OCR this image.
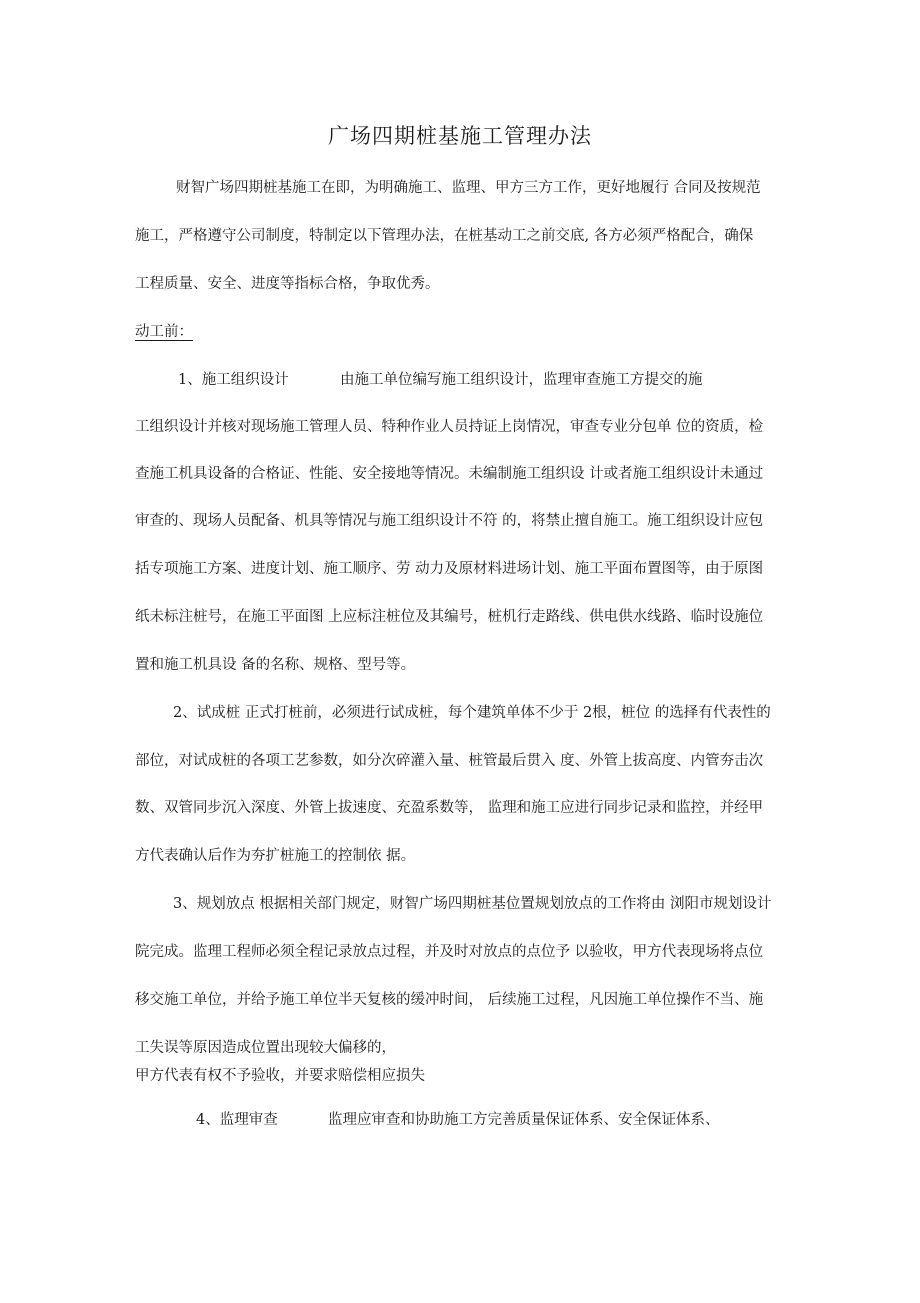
广场四期桩基施工管理办法
财智广场四期桩基施工在即，为明确施工、监理、甲方三方工作，更好地履行 合同及按规范
施工，严格遵守公司制度，特制定以下管理办法，在桩基动工之前交底, 各方必须严格配合，确保
工程质量、安全、进度等指标合格，争取优秀。
动工前：
1、施工组织设计	由施工单位编写施工组织设计，监理审查施工方提交的施
工组织设计并核对现场施工管理人员、特种作业人员持证上岗情况，审查专业分包单 位的资质，检
查施工机具设备的合格证、性能、安全接地等情况。未编制施工组织设 计或者施工组织设计未通过
审查的、现场人员配备、机具等情况与施工组织设计不符 的，将禁止擅自施工。施工组织设计应包
括专项施工方案、进度计划、施工顺序、劳 动力及原材料进场计划、施工平面布置图等，由于原图
纸未标注桩号，在施工平面图 上应标注桩位及其编号，桩机行走路线、供电供水线路、临时设施位
置和施工机具设 备的名称、规格、型号等。
2、试成桩 正式打桩前，必须进行试成桩，每个建筑单体不少于 2根，桩位 的选择有代表性的
部位，对试成桩的各项工艺参数，如分次碎灌入量、桩管最后贯入 度、外管上拔高度、内管夯击次
数、双管同步沉入深度、外管上拔速度、充盈系数等， 监理和施工应进行同步记录和监控，并经甲
方代表确认后作为夯扩桩施工的控制依 据。
3、规划放点 根据相关部门规定，财智广场四期桩基位置规划放点的工作将由 浏阳市规划设计
院完成。监理工程师必须全程记录放点过程，并及时对放点的点位予 以验收，甲方代表现场将点位
移交施工单位，并给予施工单位半天复核的缓冲时间， 后续施工过程，凡因施工单位操作不当、施
工失误等原因造成位置出现较大偏移的，
甲方代表有权不予验收，并要求赔偿相应损失
4、监理审查	监理应审查和协助施工方完善质量保证体系、安全保证体系、
